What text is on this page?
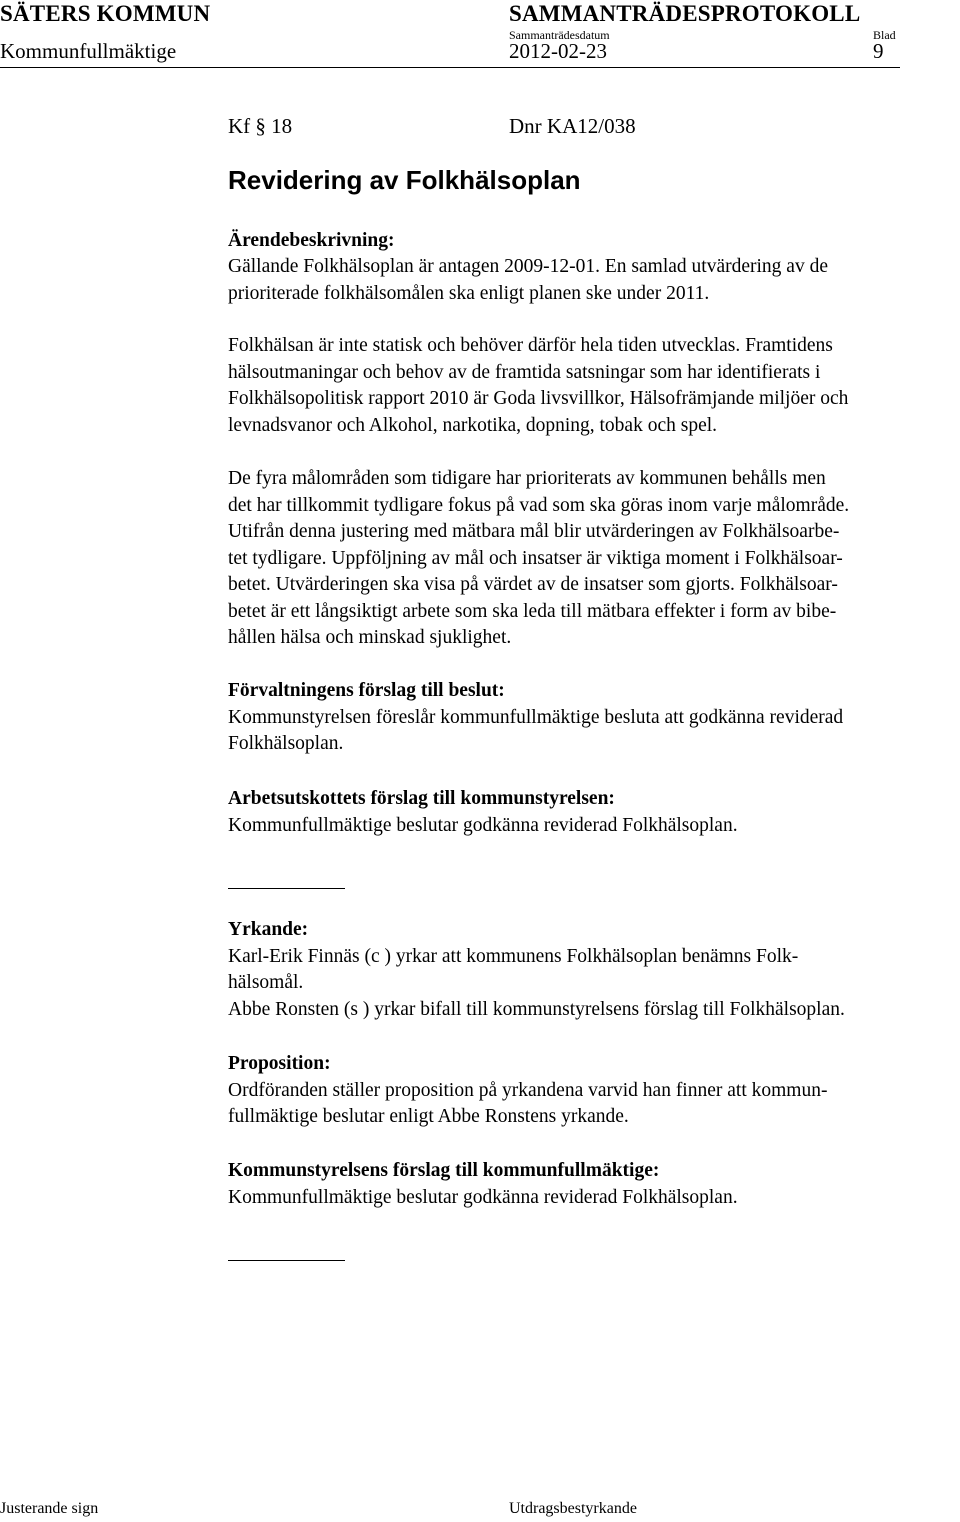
SÄTERS KOMMUN	SAMMANTRÄDESPROTOKOLL
Kommunfullmäktige
Sammanträdesdatum	Blad
2012-02-23	9
Kf § 18	Dnr KA12/038
Revidering av Folkhälsoplan
Ärendebeskrivning:
Gällande Folkhälsoplan är antagen 2009-12-01. En samlad utvärdering av de
prioriterade folkhälsomålen ska enligt planen ske under 2011.
Folkhälsan är inte statisk och behöver därför hela tiden utvecklas. Framtidens
hälsoutmaningar och behov av de framtida satsningar som har identifierats i
Folkhälsopolitisk rapport 2010 är Goda livsvillkor, Hälsofrämjande miljöer och
levnadsvanor och Alkohol, narkotika, dopning, tobak och spel.
De fyra målområden som tidigare har prioriterats av kommunen behålls men
det har tillkommit tydligare fokus på vad som ska göras inom varje målområde.
Utifrån denna justering med mätbara mål blir utvärderingen av Folkhälsoarbe-
tet tydligare. Uppföljning av mål och insatser är viktiga moment i Folkhälsoar-
betet. Utvärderingen ska visa på värdet av de insatser som gjorts. Folkhälsoar-
betet är ett långsiktigt arbete som ska leda till mätbara effekter i form av bibe-
hållen hälsa och minskad sjuklighet.
Förvaltningens förslag till beslut:
Kommunstyrelsen föreslår kommunfullmäktige besluta att godkänna reviderad
Folkhälsoplan.
Arbetsutskottets förslag till kommunstyrelsen:
Kommunfullmäktige beslutar godkänna reviderad Folkhälsoplan.
Yrkande:
Karl-Erik Finnäs (c ) yrkar att kommunens Folkhälsoplan benämns Folk-
hälsomål.
Abbe Ronsten (s ) yrkar bifall till kommunstyrelsens förslag till Folkhälsoplan.
Proposition:
Ordföranden ställer proposition på yrkandena varvid han finner att kommun-
fullmäktige beslutar enligt Abbe Ronstens yrkande.
Kommunstyrelsens förslag till kommunfullmäktige:
Kommunfullmäktige beslutar godkänna reviderad Folkhälsoplan.
Justerande sign	Utdragsbestyrkande
